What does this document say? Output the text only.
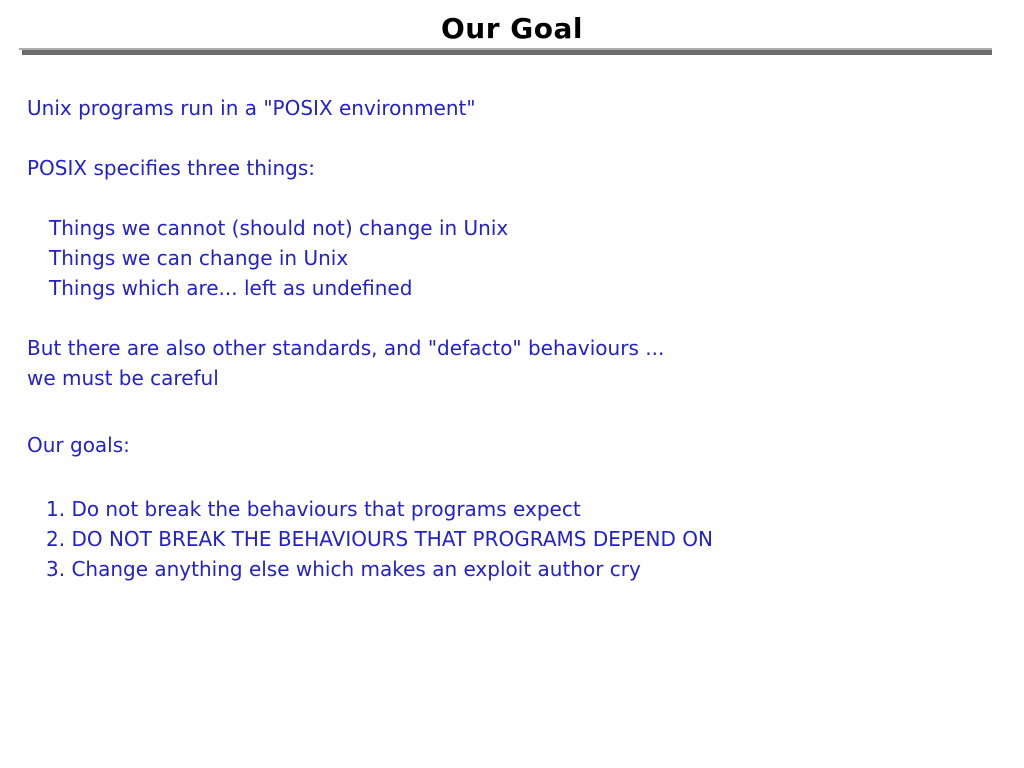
Our Goal
Unix programs run in a "POSIX environment"
POSIX specifies three things:
Things we cannot (should not) change in Unix
Things we can change in Unix
Things which are... left as undefined
But there are also other standards, and "defacto" behaviours ...
we must be careful
Our goals:
1. Do not break the behaviours that programs expect
2. DO NOT BREAK THE BEHAVIOURS THAT PROGRAMS DEPEND ON
3. Change anything else which makes an exploit author cry
